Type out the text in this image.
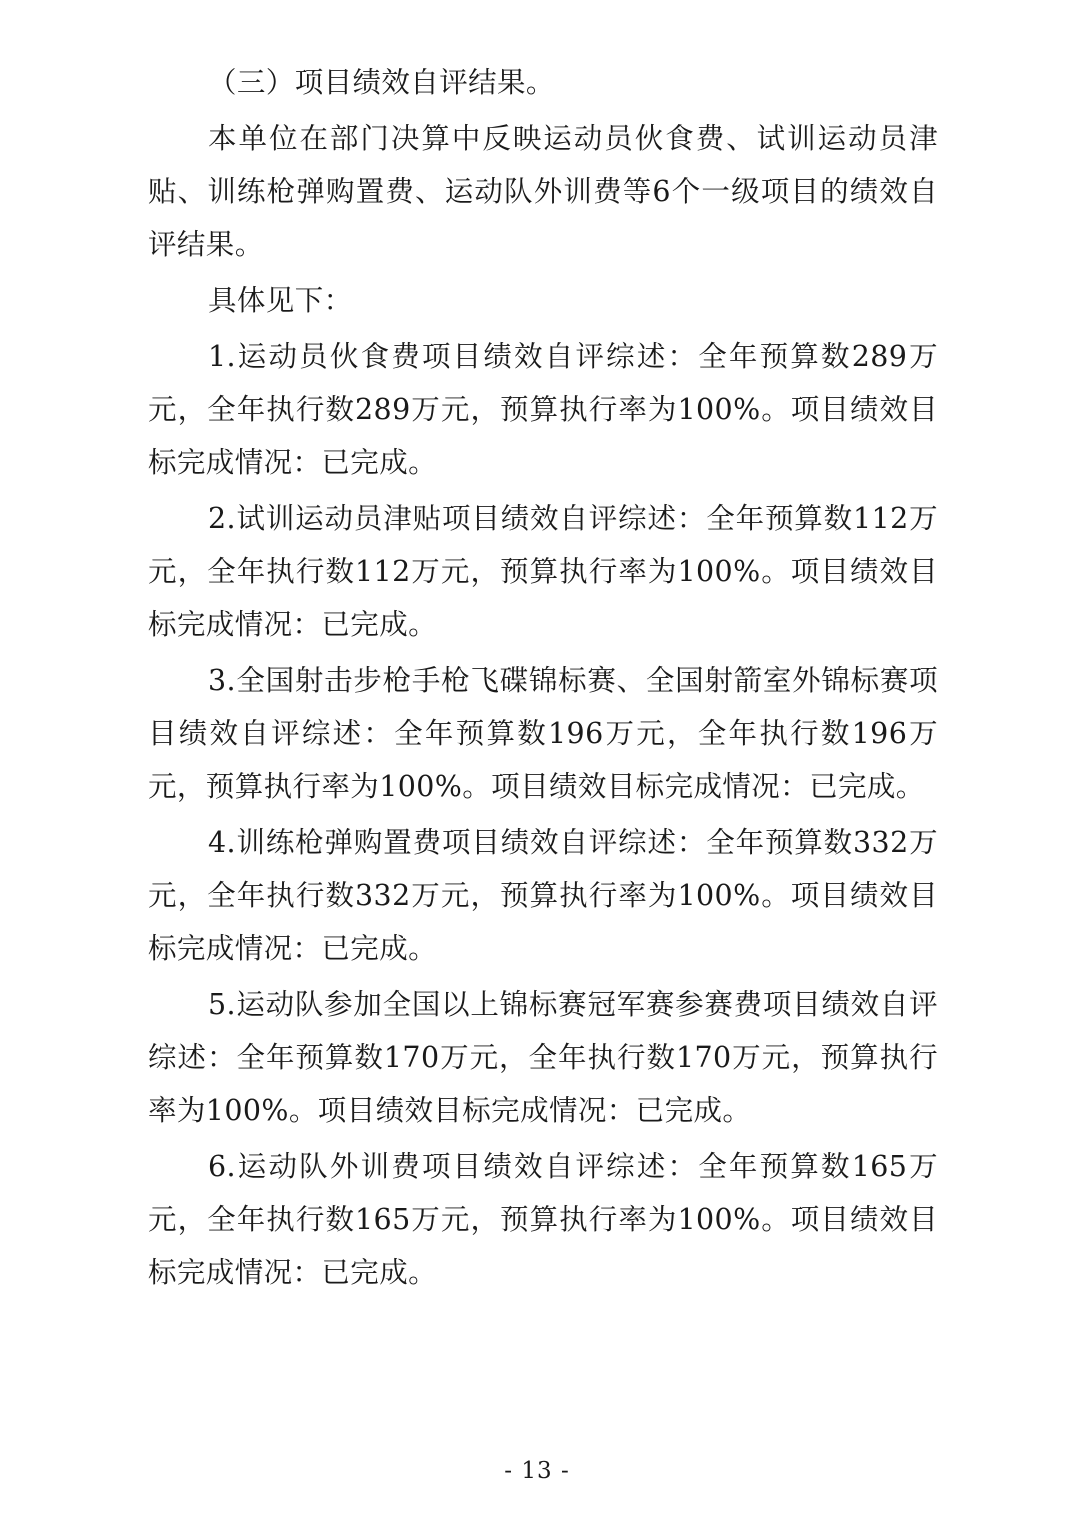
（三）项目绩效自评结果。

本单位在部门决算中反映运动员伙食费、试训运动员津贴、训练枪弹购置费、运动队外训费等6个一级项目的绩效自评结果。

具体见下：

1.运动员伙食费项目绩效自评综述：全年预算数289万元，全年执行数289万元，预算执行率为100%。项目绩效目标完成情况：已完成。

2.试训运动员津贴项目绩效自评综述：全年预算数112万元，全年执行数112万元，预算执行率为100%。项目绩效目标完成情况：已完成。

3.全国射击步枪手枪飞碟锦标赛、全国射箭室外锦标赛项目绩效自评综述：全年预算数196万元，全年执行数196万元，预算执行率为100%。项目绩效目标完成情况：已完成。

4.训练枪弹购置费项目绩效自评综述：全年预算数332万元，全年执行数332万元，预算执行率为100%。项目绩效目标完成情况：已完成。

5.运动队参加全国以上锦标赛冠军赛参赛费项目绩效自评综述：全年预算数170万元，全年执行数170万元，预算执行率为100%。项目绩效目标完成情况：已完成。

6.运动队外训费项目绩效自评综述：全年预算数165万元，全年执行数165万元，预算执行率为100%。项目绩效目标完成情况：已完成。

- 13 -
